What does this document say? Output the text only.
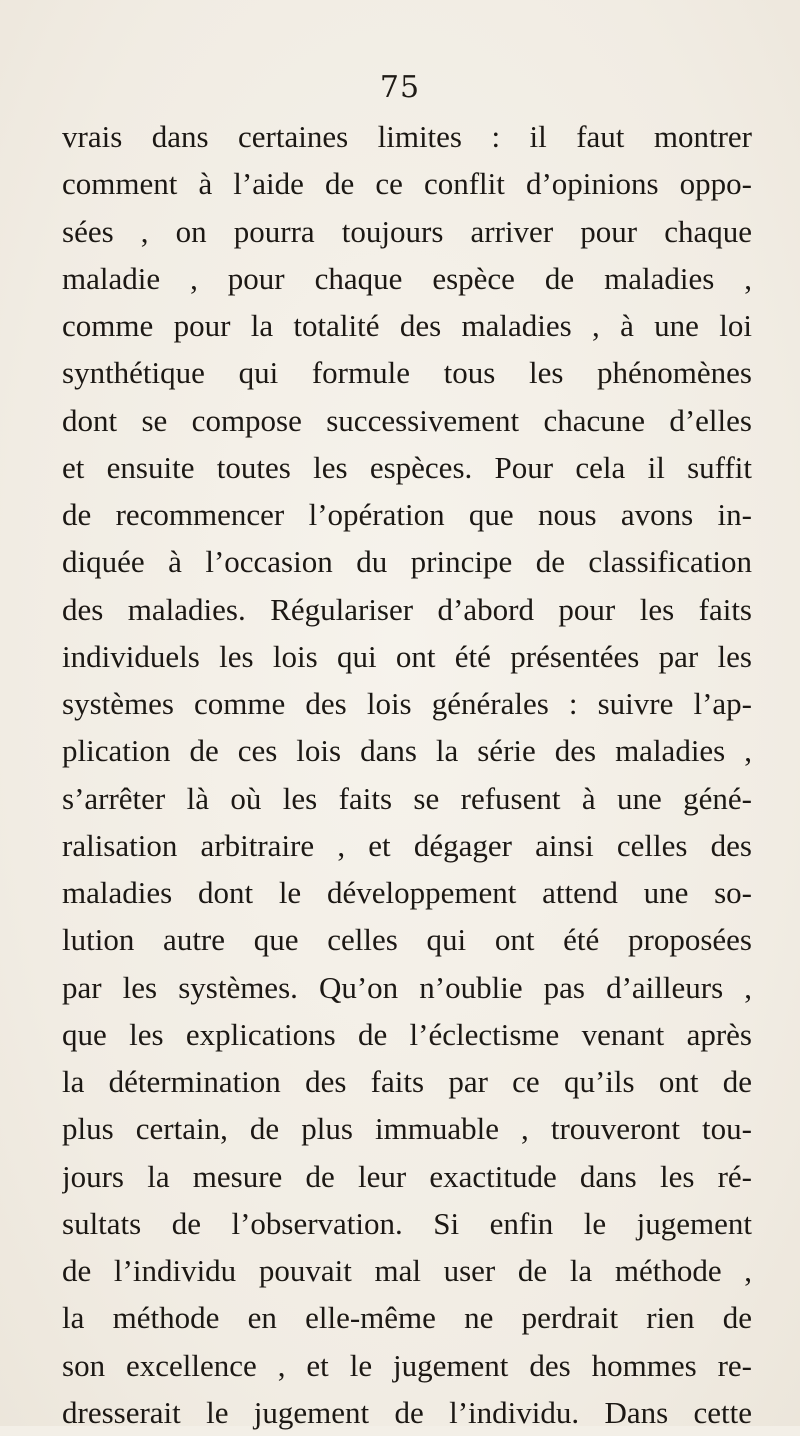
75
vrais dans certaines limites : il faut montrer
comment à l’aide de ce conflit d’opinions oppo-
sées , on pourra toujours arriver pour chaque
maladie , pour chaque espèce de maladies ,
comme pour la totalité des maladies , à une loi
synthétique qui formule tous les phénomènes
dont se compose successivement chacune d’elles
et ensuite toutes les espèces. Pour cela il suffit
de recommencer l’opération que nous avons in-
diquée à l’occasion du principe de classification
des maladies. Régulariser d’abord pour les faits
individuels les lois qui ont été présentées par les
systèmes comme des lois générales : suivre l’ap-
plication de ces lois dans la série des maladies ,
s’arrêter là où les faits se refusent à une géné-
ralisation arbitraire , et dégager ainsi celles des
maladies dont le développement attend une so-
lution autre que celles qui ont été proposées
par les systèmes. Qu’on n’oublie pas d’ailleurs ,
que les explications de l’éclectisme venant après
la détermination des faits par ce qu’ils ont de
plus certain, de plus immuable , trouveront tou-
jours la mesure de leur exactitude dans les ré-
sultats de l’observation. Si enfin le jugement
de l’individu pouvait mal user de la méthode ,
la méthode en elle-même ne perdrait rien de
son excellence , et le jugement des hommes re-
dresserait le jugement de l’individu. Dans cette
